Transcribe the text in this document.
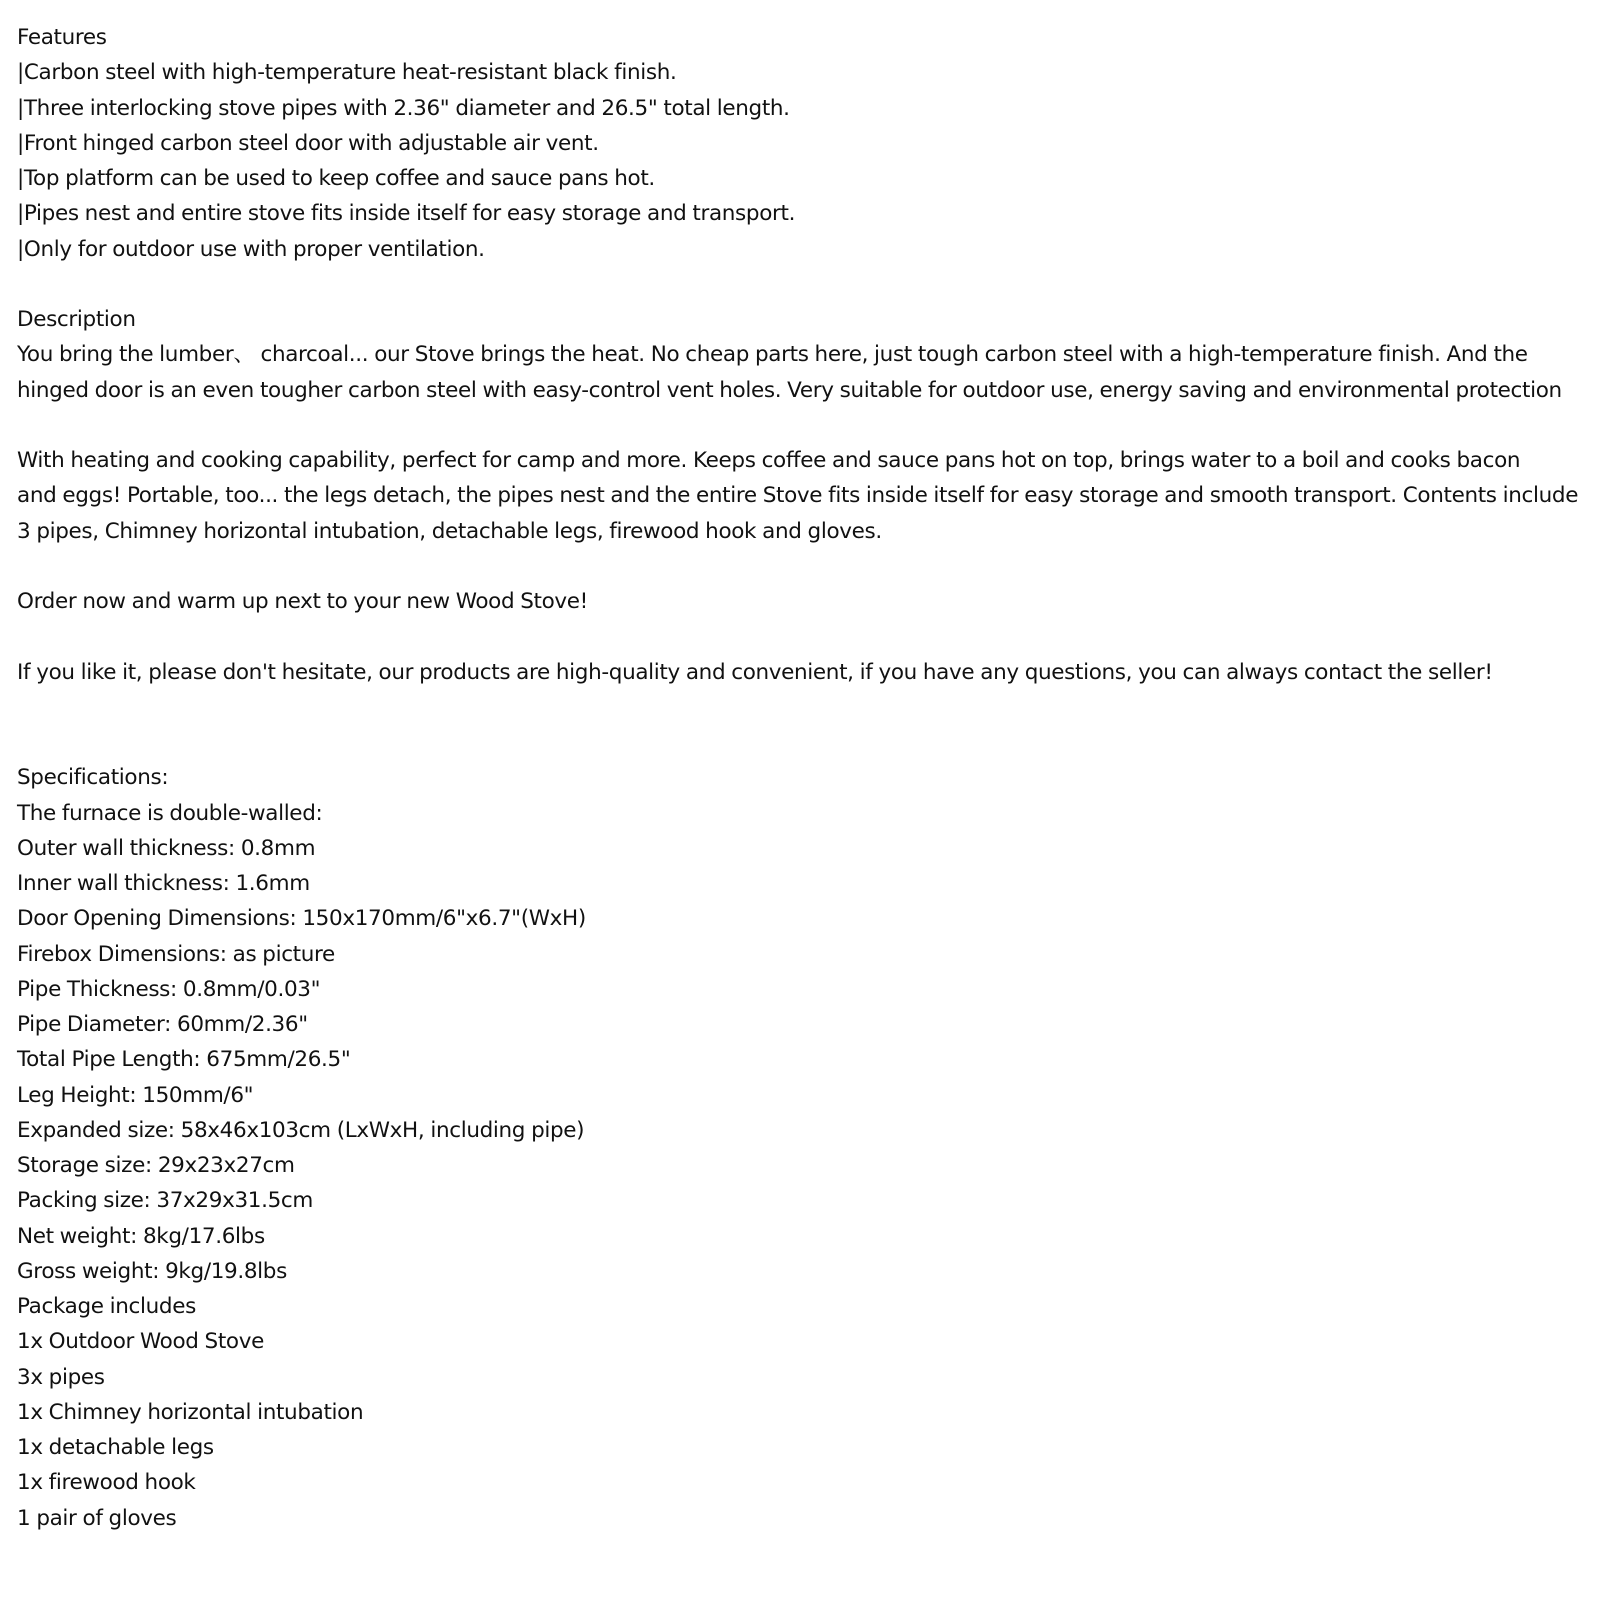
Features
|Carbon steel with high-temperature heat-resistant black finish.
|Three interlocking stove pipes with 2.36" diameter and 26.5" total length.
|Front hinged carbon steel door with adjustable air vent.
|Top platform can be used to keep coffee and sauce pans hot.
|Pipes nest and entire stove fits inside itself for easy storage and transport.
|Only for outdoor use with proper ventilation.
Description
You bring the lumber、 charcoal... our Stove brings the heat. No cheap parts here, just tough carbon steel with a high-temperature finish. And the
hinged door is an even tougher carbon steel with easy-control vent holes. Very suitable for outdoor use, energy saving and environmental protection
With heating and cooking capability, perfect for camp and more. Keeps coffee and sauce pans hot on top, brings water to a boil and cooks bacon
and eggs! Portable, too... the legs detach, the pipes nest and the entire Stove fits inside itself for easy storage and smooth transport. Contents include
3 pipes, Chimney horizontal intubation, detachable legs, firewood hook and gloves.
Order now and warm up next to your new Wood Stove!
If you like it, please don't hesitate, our products are high-quality and convenient, if you have any questions, you can always contact the seller!
Specifications:
The furnace is double-walled:
Outer wall thickness: 0.8mm
Inner wall thickness: 1.6mm
Door Opening Dimensions: 150x170mm/6"x6.7"(WxH)
Firebox Dimensions: as picture
Pipe Thickness: 0.8mm/0.03"
Pipe Diameter: 60mm/2.36"
Total Pipe Length: 675mm/26.5"
Leg Height: 150mm/6"
Expanded size: 58x46x103cm (LxWxH, including pipe)
Storage size: 29x23x27cm
Packing size: 37x29x31.5cm
Net weight: 8kg/17.6lbs
Gross weight: 9kg/19.8lbs
Package includes
1x Outdoor Wood Stove
3x pipes
1x Chimney horizontal intubation
1x detachable legs
1x firewood hook
1 pair of gloves
